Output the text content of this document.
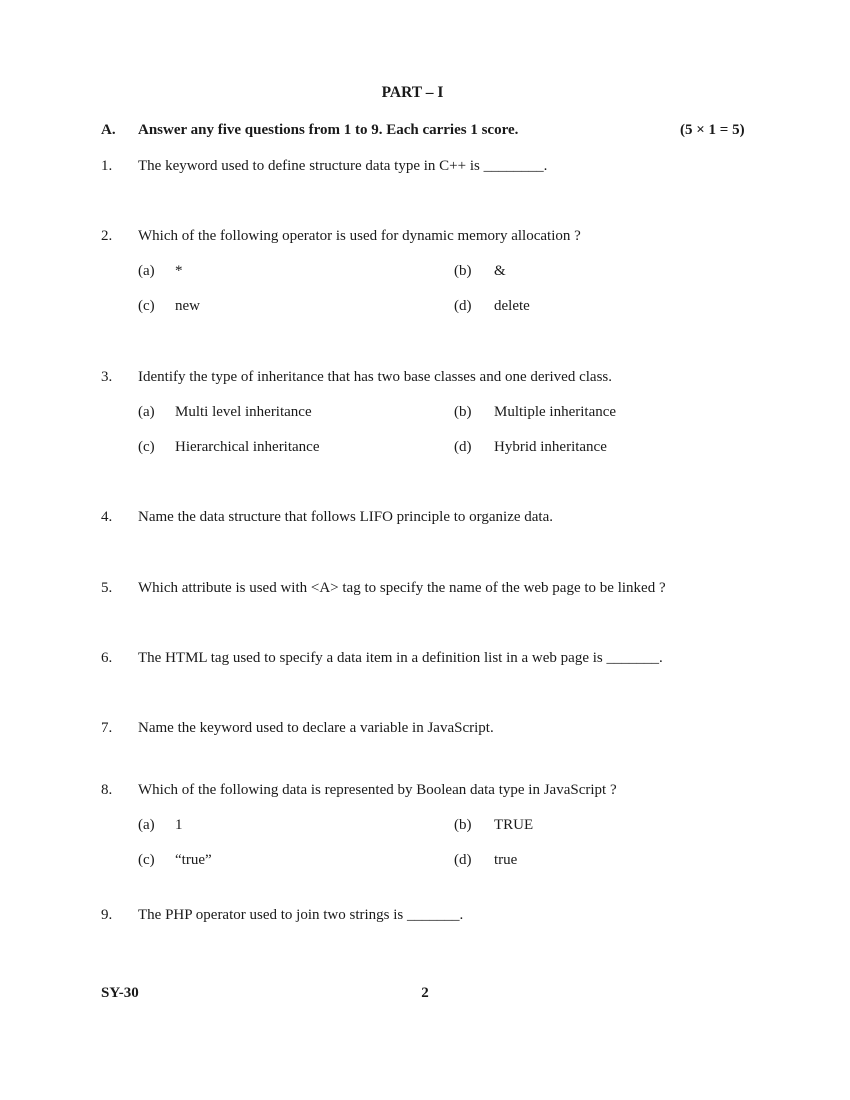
PART – I
A. Answer any five questions from 1 to 9. Each carries 1 score.	(5 × 1 = 5)
1. The keyword used to define structure data type in C++ is ________.
2. Which of the following operator is used for dynamic memory allocation ?
(a) *	(b) &
(c) new	(d) delete
3. Identify the type of inheritance that has two base classes and one derived class.
(a) Multi level inheritance	(b) Multiple inheritance
(c) Hierarchical inheritance	(d) Hybrid inheritance
4. Name the data structure that follows LIFO principle to organize data.
5. Which attribute is used with <A> tag to specify the name of the web page to be linked ?
6. The HTML tag used to specify a data item in a definition list in a web page is _______.
7. Name the keyword used to declare a variable in JavaScript.
8. Which of the following data is represented by Boolean data type in JavaScript ?
(a) 1	(b) TRUE
(c) “true”	(d) true
9. The PHP operator used to join two strings is _______.
SY-30	2
